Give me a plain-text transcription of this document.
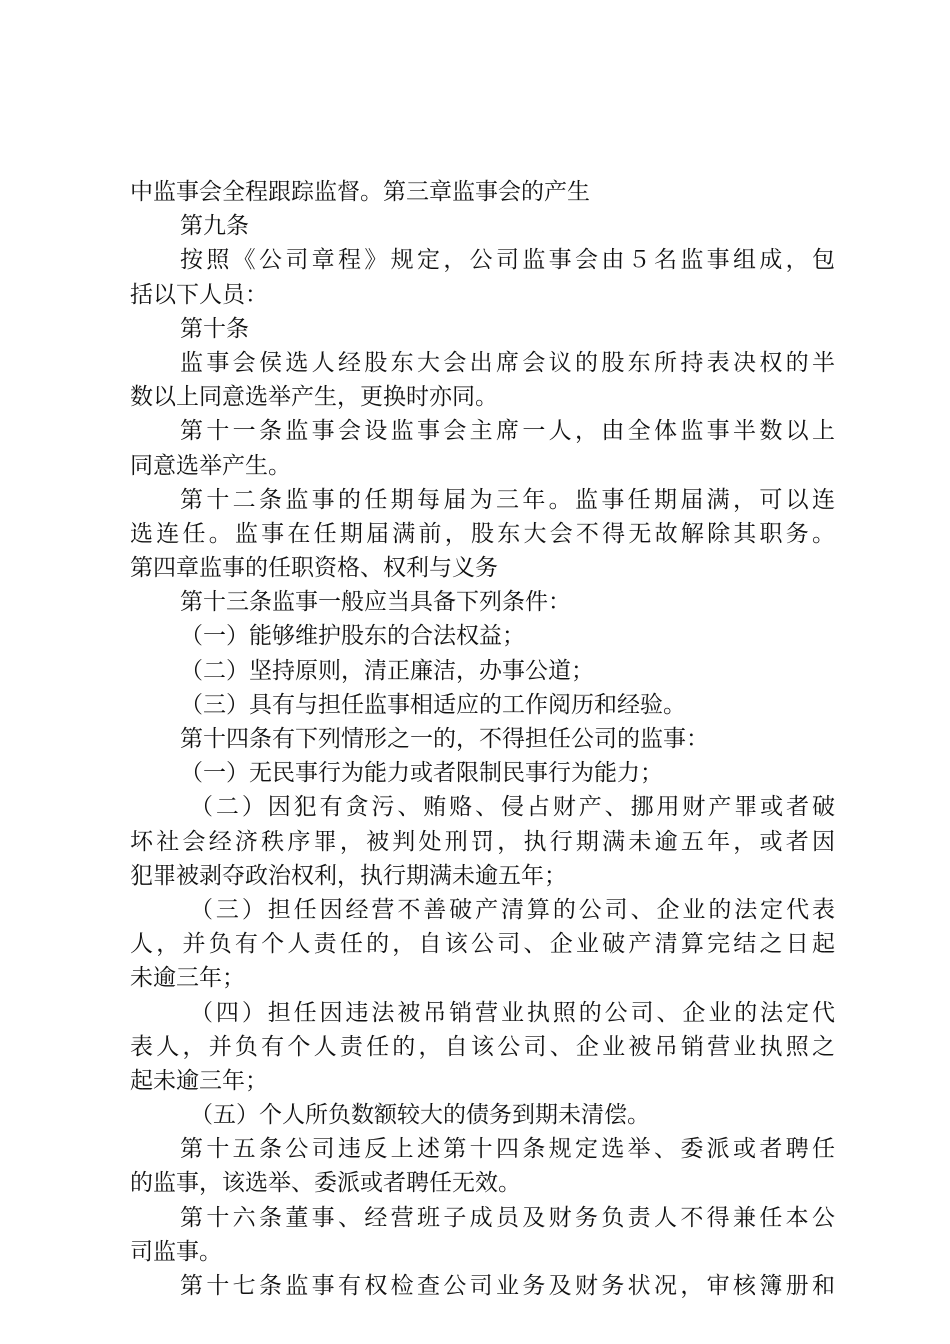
中监事会全程跟踪监督。第三章监事会的产生
第九条
按照《公司章程》规定，公司监事会由５名监事组成，包
括以下人员：
第十条
监事会侯选人经股东大会出席会议的股东所持表决权的半
数以上同意选举产生，更换时亦同。
第十一条监事会设监事会主席一人，由全体监事半数以上
同意选举产生。
第十二条监事的任期每届为三年。监事任期届满，可以连
选连任。监事在任期届满前，股东大会不得无故解除其职务。
第四章监事的任职资格、权利与义务
第十三条监事一般应当具备下列条件：
（一）能够维护股东的合法权益；
（二）坚持原则，清正廉洁，办事公道；
（三）具有与担任监事相适应的工作阅历和经验。
第十四条有下列情形之一的，不得担任公司的监事：
（一）无民事行为能力或者限制民事行为能力；
（二）因犯有贪污、贿赂、侵占财产、挪用财产罪或者破
坏社会经济秩序罪，被判处刑罚，执行期满未逾五年，或者因
犯罪被剥夺政治权利，执行期满未逾五年；
（三）担任因经营不善破产清算的公司、企业的法定代表
人，并负有个人责任的，自该公司、企业破产清算完结之日起
未逾三年；
（四）担任因违法被吊销营业执照的公司、企业的法定代
表人，并负有个人责任的，自该公司、企业被吊销营业执照之
起未逾三年；
（五）个人所负数额较大的债务到期未清偿。
第十五条公司违反上述第十四条规定选举、委派或者聘任
的监事，该选举、委派或者聘任无效。
第十六条董事、经营班子成员及财务负责人不得兼任本公
司监事。
第十七条监事有权检查公司业务及财务状况，审核簿册和
